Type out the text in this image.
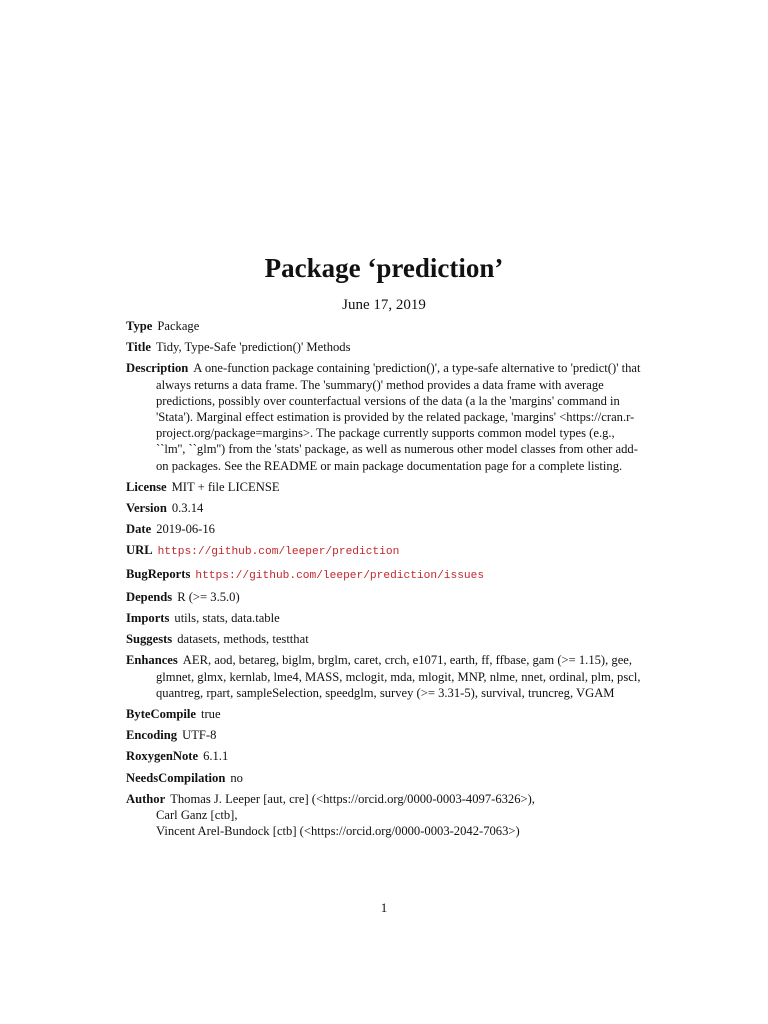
Package ‘prediction’
June 17, 2019
Type Package
Title Tidy, Type-Safe 'prediction()' Methods
Description A one-function package containing 'prediction()', a type-safe alternative to 'predict()' that always returns a data frame. The 'summary()' method provides a data frame with average predictions, possibly over counterfactual versions of the data (a la the 'margins' command in 'Stata'). Marginal effect estimation is provided by the related package, 'margins' <https://cran.r-project.org/package=margins>. The package currently supports common model types (e.g., ``lm'', ``glm'') from the 'stats' package, as well as numerous other model classes from other add-on packages. See the README or main package documentation page for a complete listing.
License MIT + file LICENSE
Version 0.3.14
Date 2019-06-16
URL https://github.com/leeper/prediction
BugReports https://github.com/leeper/prediction/issues
Depends R (>= 3.5.0)
Imports utils, stats, data.table
Suggests datasets, methods, testthat
Enhances AER, aod, betareg, biglm, brglm, caret, crch, e1071, earth, ff, ffbase, gam (>= 1.15), gee, glmnet, glmx, kernlab, lme4, MASS, mclogit, mda, mlogit, MNP, nlme, nnet, ordinal, plm, pscl, quantreg, rpart, sampleSelection, speedglm, survey (>= 3.31-5), survival, truncreg, VGAM
ByteCompile true
Encoding UTF-8
RoxygenNote 6.1.1
NeedsCompilation no
Author Thomas J. Leeper [aut, cre] (<https://orcid.org/0000-0003-4097-6326>),
Carl Ganz [ctb],
Vincent Arel-Bundock [ctb] (<https://orcid.org/0000-0003-2042-7063>)
1
